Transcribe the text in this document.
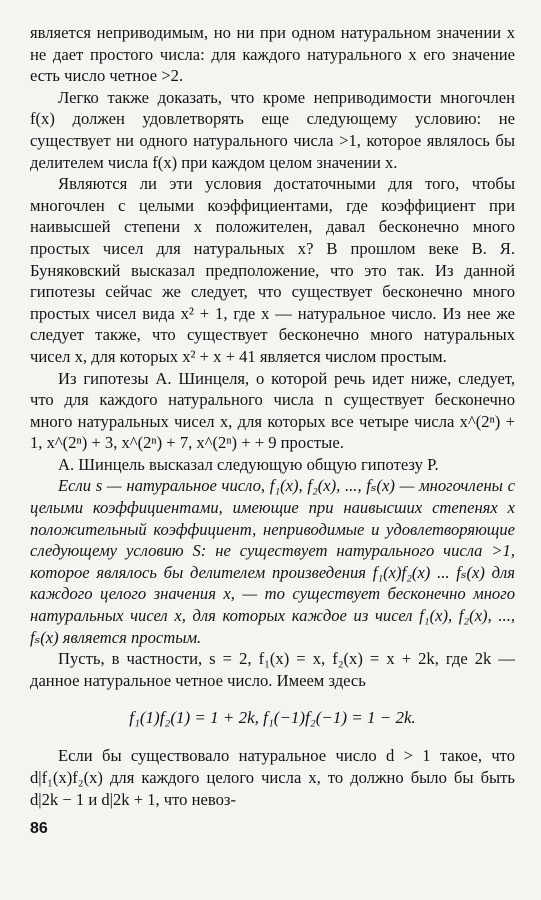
является неприводимым, но ни при одном натуральном значении x не дает простого числа: для каждого натурального x его значение есть число четное >2.

Легко также доказать, что кроме неприводимости многочлен f(x) должен удовлетворять еще следующему условию: не существует ни одного натурального числа >1, которое являлось бы делителем числа f(x) при каждом целом значении x.

Являются ли эти условия достаточными для того, чтобы многочлен с целыми коэффициентами, где коэффициент при наивысшей степени x положителен, давал бесконечно много простых чисел для натуральных x? В прошлом веке В. Я. Буняковский высказал предположение, что это так. Из данной гипотезы сейчас же следует, что существует бесконечно много простых чисел вида x² + 1, где x — натуральное число. Из нее же следует также, что существует бесконечно много натуральных чисел x, для которых x² + x + 41 является числом простым.

Из гипотезы А. Шинцеля, о которой речь идет ниже, следует, что для каждого натурального числа n существует бесконечно много натуральных чисел x, для которых все четыре числа x^(2ⁿ) + 1, x^(2ⁿ) + 3, x^(2ⁿ) + 7, x^(2ⁿ) + + 9 простые.

А. Шинцель высказал следующую общую гипотезу P.

Если s — натуральное число, f₁(x), f₂(x), ..., fₛ(x) — многочлены с целыми коэффициентами, имеющие при наивысших степенях x положительный коэффициент, неприводимые и удовлетворяющие следующему условию S: не существует натурального числа >1, которое являлось бы делителем произведения f₁(x)f₂(x) ... fₛ(x) для каждого целого значения x, — то существует бесконечно много натуральных чисел x, для которых каждое из чисел f₁(x), f₂(x), ..., fₛ(x) является простым.

Пусть, в частности, s = 2, f₁(x) = x, f₂(x) = x + 2k, где 2k — данное натуральное четное число. Имеем здесь

f₁(1)f₂(1) = 1 + 2k, f₁(−1)f₂(−1) = 1 − 2k.

Если бы существовало натуральное число d > 1 такое, что d|f₁(x)f₂(x) для каждого целого числа x, то должно было бы быть d|2k − 1 и d|2k + 1, что невоз-

86
